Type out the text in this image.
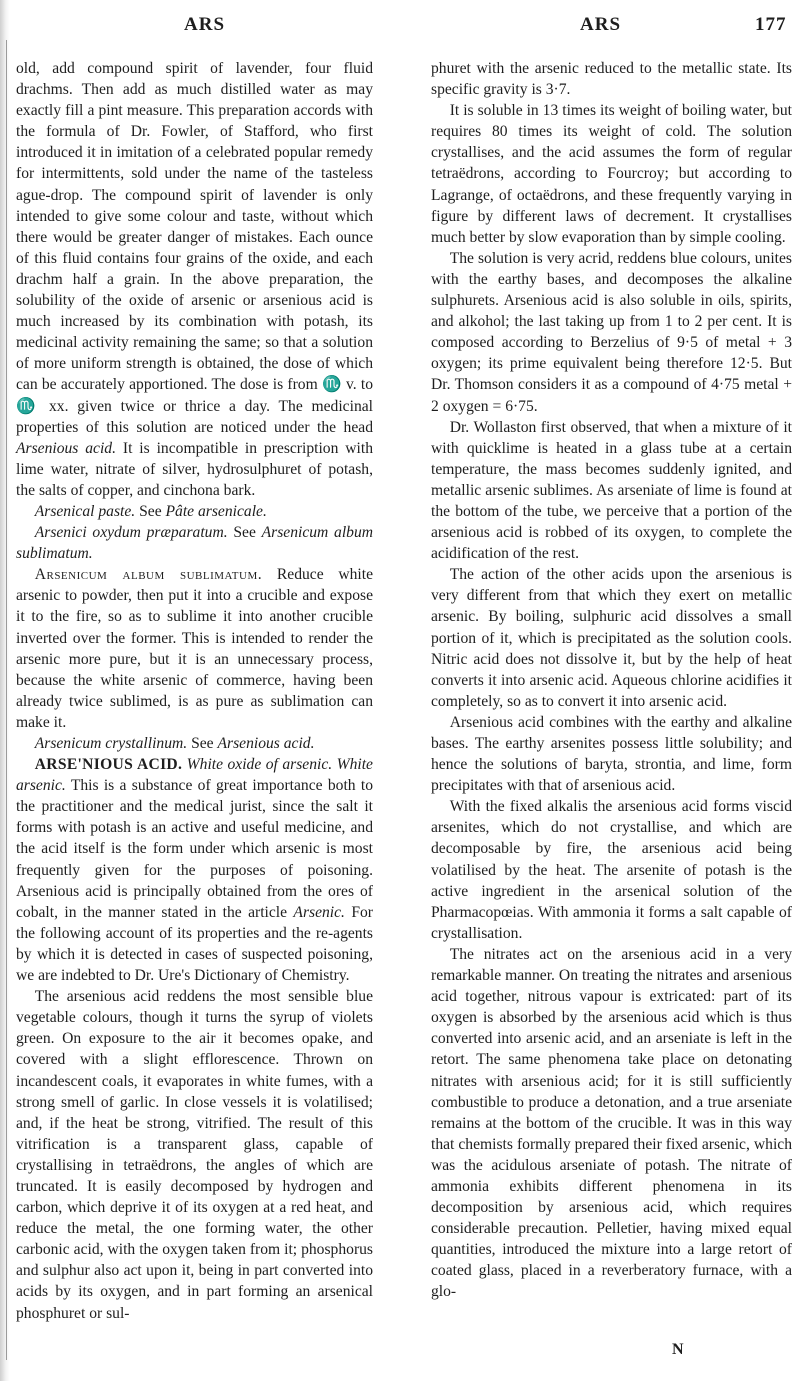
ARS	ARS	177

old, add compound spirit of lavender, four fluid drachms. Then add as much distilled water as may exactly fill a pint measure. This preparation accords with the formula of Dr. Fowler, of Stafford, who first introduced it in imitation of a celebrated popular remedy for intermittents, sold under the name of the tasteless ague-drop. The compound spirit of lavender is only intended to give some colour and taste, without which there would be greater danger of mistakes. Each ounce of this fluid contains four grains of the oxide, and each drachm half a grain. In the above preparation, the solubility of the oxide of arsenic or arsenious acid is much increased by its combination with potash, its medicinal activity remaining the same; so that a solution of more uniform strength is obtained, the dose of which can be accurately apportioned. The dose is from ♏ v. to ♏ xx. given twice or thrice a day. The medicinal properties of this solution are noticed under the head Arsenious acid. It is incompatible in prescription with lime water, nitrate of silver, hydrosulphuret of potash, the salts of copper, and cinchona bark.

Arsenical paste. See Pâte arsenicale.

Arsenici oxydum præparatum. See Arsenicum album sublimatum.

Arsenicum album sublimatum. Reduce white arsenic to powder, then put it into a crucible and expose it to the fire, so as to sublime it into another crucible inverted over the former. This is intended to render the arsenic more pure, but it is an unnecessary process, because the white arsenic of commerce, having been already twice sublimed, is as pure as sublimation can make it.

Arsenicum crystallinum. See Arsenious acid.

ARSE'NIOUS ACID. White oxide of arsenic. White arsenic. This is a substance of great importance both to the practitioner and the medical jurist, since the salt it forms with potash is an active and useful medicine, and the acid itself is the form under which arsenic is most frequently given for the purposes of poisoning. Arsenious acid is principally obtained from the ores of cobalt, in the manner stated in the article Arsenic. For the following account of its properties and the re-agents by which it is detected in cases of suspected poisoning, we are indebted to Dr. Ure's Dictionary of Chemistry.

The arsenious acid reddens the most sensible blue vegetable colours, though it turns the syrup of violets green. On exposure to the air it becomes opake, and covered with a slight efflorescence. Thrown on incandescent coals, it evaporates in white fumes, with a strong smell of garlic. In close vessels it is volatilised; and, if the heat be strong, vitrified. The result of this vitrification is a transparent glass, capable of crystallising in tetraëdrons, the angles of which are truncated. It is easily decomposed by hydrogen and carbon, which deprive it of its oxygen at a red heat, and reduce the metal, the one forming water, the other carbonic acid, with the oxygen taken from it; phosphorus and sulphur also act upon it, being in part converted into acids by its oxygen, and in part forming an arsenical phosphuret or sul-

phuret with the arsenic reduced to the metallic state. Its specific gravity is 3·7.

It is soluble in 13 times its weight of boiling water, but requires 80 times its weight of cold. The solution crystallises, and the acid assumes the form of regular tetraëdrons, according to Fourcroy; but according to Lagrange, of octaëdrons, and these frequently varying in figure by different laws of decrement. It crystallises much better by slow evaporation than by simple cooling.

The solution is very acrid, reddens blue colours, unites with the earthy bases, and decomposes the alkaline sulphurets. Arsenious acid is also soluble in oils, spirits, and alkohol; the last taking up from 1 to 2 per cent. It is composed according to Berzelius of 9·5 of metal + 3 oxygen; its prime equivalent being therefore 12·5. But Dr. Thomson considers it as a compound of 4·75 metal + 2 oxygen = 6·75.

Dr. Wollaston first observed, that when a mixture of it with quicklime is heated in a glass tube at a certain temperature, the mass becomes suddenly ignited, and metallic arsenic sublimes. As arseniate of lime is found at the bottom of the tube, we perceive that a portion of the arsenious acid is robbed of its oxygen, to complete the acidification of the rest.

The action of the other acids upon the arsenious is very different from that which they exert on metallic arsenic. By boiling, sulphuric acid dissolves a small portion of it, which is precipitated as the solution cools. Nitric acid does not dissolve it, but by the help of heat converts it into arsenic acid. Aqueous chlorine acidifies it completely, so as to convert it into arsenic acid.

Arsenious acid combines with the earthy and alkaline bases. The earthy arsenites possess little solubility; and hence the solutions of baryta, strontia, and lime, form precipitates with that of arsenious acid.

With the fixed alkalis the arsenious acid forms viscid arsenites, which do not crystallise, and which are decomposable by fire, the arsenious acid being volatilised by the heat. The arsenite of potash is the active ingredient in the arsenical solution of the Pharmacopœias. With ammonia it forms a salt capable of crystallisation.

The nitrates act on the arsenious acid in a very remarkable manner. On treating the nitrates and arsenious acid together, nitrous vapour is extricated: part of its oxygen is absorbed by the arsenious acid which is thus converted into arsenic acid, and an arseniate is left in the retort. The same phenomena take place on detonating nitrates with arsenious acid; for it is still sufficiently combustible to produce a detonation, and a true arseniate remains at the bottom of the crucible. It was in this way that chemists formally prepared their fixed arsenic, which was the acidulous arseniate of potash. The nitrate of ammonia exhibits different phenomena in its decomposition by arsenious acid, which requires considerable precaution. Pelletier, having mixed equal quantities, introduced the mixture into a large retort of coated glass, placed in a reverberatory furnace, with a glo-

N
